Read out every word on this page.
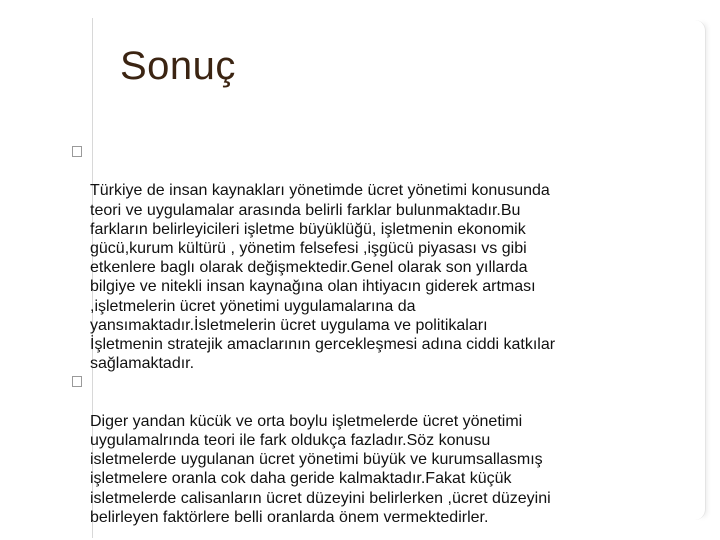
Sonuç

Türkiye de insan kaynakları yönetimde ücret yönetimi konusunda
teori ve uygulamalar arasında belirli farklar bulunmaktadır.Bu
farkların belirleyicileri işletme büyüklüğü, işletmenin ekonomik
gücü,kurum kültürü , yönetim felsefesi ,işgücü piyasası vs gibi
etkenlere baglı olarak değişmektedir.Genel olarak son yıllarda
bilgiye ve nitekli insan kaynağına olan ihtiyacın giderek artması
,işletmelerin ücret yönetimi uygulamalarına da
yansımaktadır.İsletmelerin ücret uygulama ve politikaları
İşletmenin stratejik amaclarının gercekleşmesi adına ciddi katkılar
sağlamaktadır.

Diger yandan kücük ve orta boylu işletmelerde ücret yönetimi
uygulamalrında teori ile fark oldukça fazladır.Söz konusu
isletmelerde uygulanan ücret yönetimi büyük ve kurumsallasmış
işletmelere oranla cok daha geride kalmaktadır.Fakat küçük
isletmelerde calisanların ücret düzeyini belirlerken ,ücret düzeyini
belirleyen faktörlere belli oranlarda önem vermektedirler.
